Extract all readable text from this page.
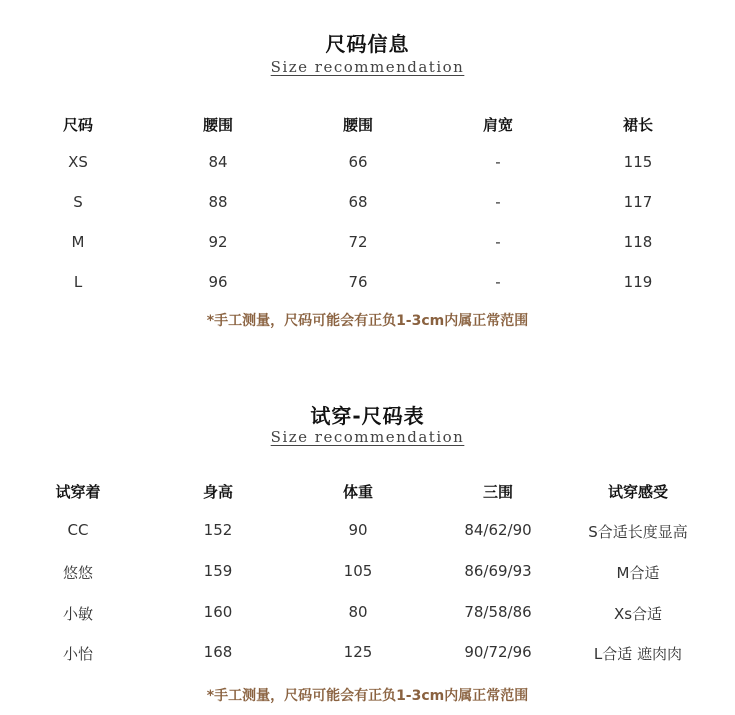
尺码信息
Size recommendation
尺码	腰围	腰围	肩宽	裙长
XS	84	66	-	115
S	88	68	-	117
M	92	72	-	118
L	96	76	-	119
*手工测量，尺码可能会有正负1-3cm内属正常范围
试穿-尺码表
Size recommendation
试穿着	身高	体重	三围	试穿感受
CC	152	90	84/62/90	S合适长度显高
悠悠	159	105	86/69/93	M合适
小敏	160	80	78/58/86	Xs合适
小怡	168	125	90/72/96	L合适 遮肉肉
*手工测量，尺码可能会有正负1-3cm内属正常范围
